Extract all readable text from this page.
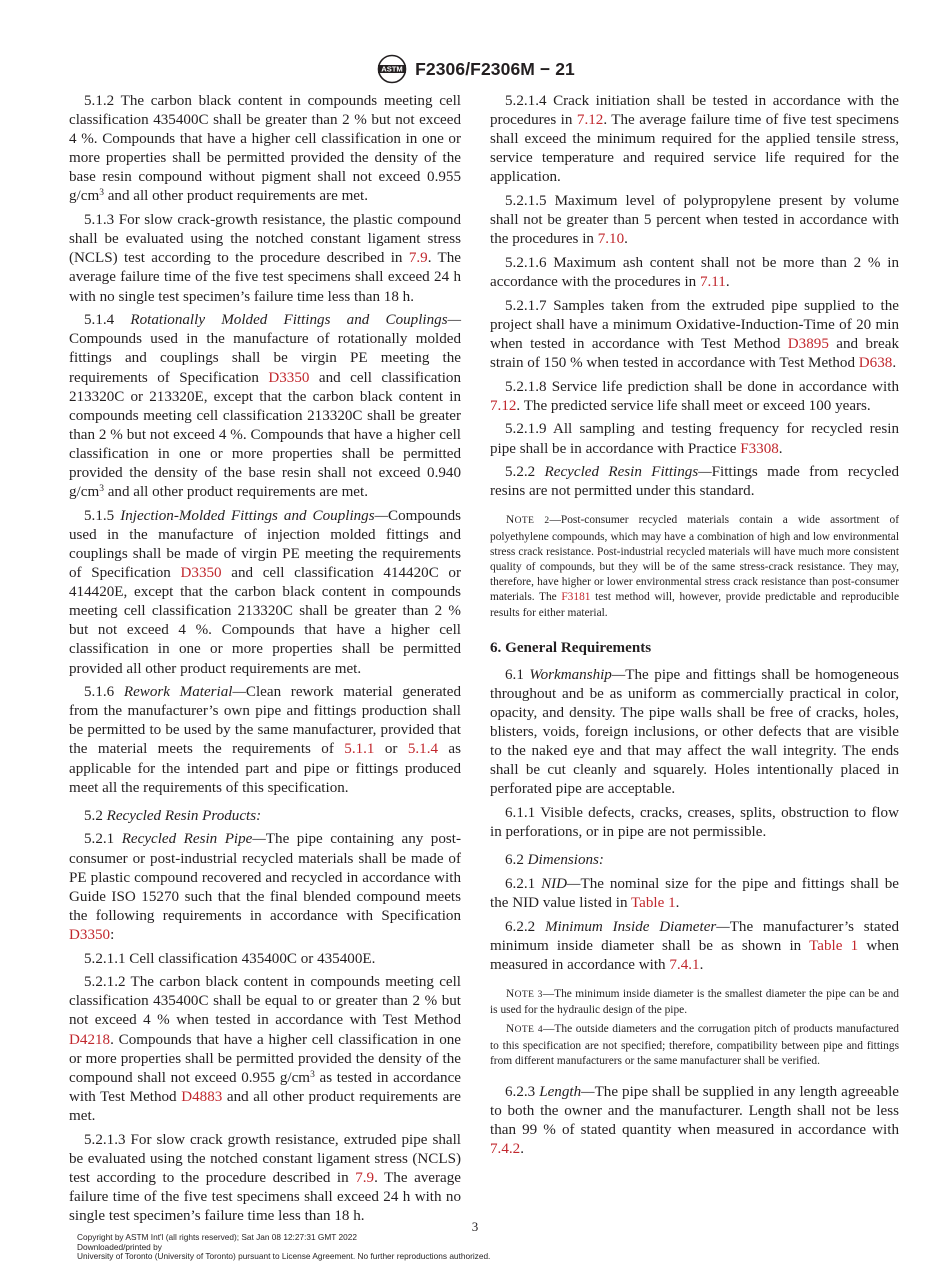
ASTM F2306/F2306M − 21
5.1.2 The carbon black content in compounds meeting cell classification 435400C shall be greater than 2 % but not exceed 4 %. Compounds that have a higher cell classification in one or more properties shall be permitted provided the density of the base resin compound without pigment shall not exceed 0.955 $g/cm^3$ and all other product requirements are met.
5.1.3 For slow crack-growth resistance, the plastic compound shall be evaluated using the notched constant ligament stress (NCLS) test according to the procedure described in 7.9. The average failure time of the five test specimens shall exceed 24 h with no single test specimen’s failure time less than 18 h.
5.1.4 Rotationally Molded Fittings and Couplings—Compounds used in the manufacture of rotationally molded fittings and couplings shall be virgin PE meeting the requirements of Specification D3350 and cell classification 213320C or 213320E, except that the carbon black content in compounds meeting cell classification 213320C shall be greater than 2 % but not exceed 4 %. Compounds that have a higher cell classification in one or more properties shall be permitted provided the density of the base resin shall not exceed 0.940 $g/cm^3$ and all other product requirements are met.
5.1.5 Injection-Molded Fittings and Couplings—Compounds used in the manufacture of injection molded fittings and couplings shall be made of virgin PE meeting the requirements of Specification D3350 and cell classification 414420C or 414420E, except that the carbon black content in compounds meeting cell classification 213320C shall be greater than 2 % but not exceed 4 %. Compounds that have a higher cell classification in one or more properties shall be permitted provided all other product requirements are met.
5.1.6 Rework Material—Clean rework material generated from the manufacturer’s own pipe and fittings production shall be permitted to be used by the same manufacturer, provided that the material meets the requirements of 5.1.1 or 5.1.4 as applicable for the intended part and pipe or fittings produced meet all the requirements of this specification.
5.2 Recycled Resin Products:
5.2.1 Recycled Resin Pipe—The pipe containing any post-consumer or post-industrial recycled materials shall be made of PE plastic compound recovered and recycled in accordance with Guide ISO 15270 such that the final blended compound meets the following requirements in accordance with Specification D3350:
5.2.1.1 Cell classification 435400C or 435400E.
5.2.1.2 The carbon black content in compounds meeting cell classification 435400C shall be equal to or greater than 2 % but not exceed 4 % when tested in accordance with Test Method D4218. Compounds that have a higher cell classification in one or more properties shall be permitted provided the density of the compound shall not exceed 0.955 $g/cm^3$ as tested in accordance with Test Method D4883 and all other product requirements are met.
5.2.1.3 For slow crack growth resistance, extruded pipe shall be evaluated using the notched constant ligament stress (NCLS) test according to the procedure described in 7.9. The average failure time of the five test specimens shall exceed 24 h with no single test specimen’s failure time less than 18 h.
5.2.1.4 Crack initiation shall be tested in accordance with the procedures in 7.12. The average failure time of five test specimens shall exceed the minimum required for the applied tensile stress, service temperature and required service life required for the application.
5.2.1.5 Maximum level of polypropylene present by volume shall not be greater than 5 percent when tested in accordance with the procedures in 7.10.
5.2.1.6 Maximum ash content shall not be more than 2 % in accordance with the procedures in 7.11.
5.2.1.7 Samples taken from the extruded pipe supplied to the project shall have a minimum Oxidative-Induction-Time of 20 min when tested in accordance with Test Method D3895 and break strain of 150 % when tested in accordance with Test Method D638.
5.2.1.8 Service life prediction shall be done in accordance with 7.12. The predicted service life shall meet or exceed 100 years.
5.2.1.9 All sampling and testing frequency for recycled resin pipe shall be in accordance with Practice F3308.
5.2.2 Recycled Resin Fittings—Fittings made from recycled resins are not permitted under this standard.
NOTE 2—Post-consumer recycled materials contain a wide assortment of polyethylene compounds, which may have a combination of high and low environmental stress crack resistance. Post-industrial recycled materials will have much more consistent quality of compounds, but they will be of the same stress-crack resistance. They may, therefore, have higher or lower environmental stress crack resistance than post-consumer materials. The F3181 test method will, however, provide predictable and reproducible results for either material.
6. General Requirements
6.1 Workmanship—The pipe and fittings shall be homogeneous throughout and be as uniform as commercially practical in color, opacity, and density. The pipe walls shall be free of cracks, holes, blisters, voids, foreign inclusions, or other defects that are visible to the naked eye and that may affect the wall integrity. The ends shall be cut cleanly and squarely. Holes intentionally placed in perforated pipe are acceptable.
6.1.1 Visible defects, cracks, creases, splits, obstruction to flow in perforations, or in pipe are not permissible.
6.2 Dimensions:
6.2.1 NID—The nominal size for the pipe and fittings shall be the NID value listed in Table 1.
6.2.2 Minimum Inside Diameter—The manufacturer’s stated minimum inside diameter shall be as shown in Table 1 when measured in accordance with 7.4.1.
NOTE 3—The minimum inside diameter is the smallest diameter the pipe can be and is used for the hydraulic design of the pipe.
NOTE 4—The outside diameters and the corrugation pitch of products manufactured to this specification are not specified; therefore, compatibility between pipe and fittings from different manufacturers or the same manufacturer shall be verified.
6.2.3 Length—The pipe shall be supplied in any length agreeable to both the owner and the manufacturer. Length shall not be less than 99 % of stated quantity when measured in accordance with 7.4.2.
3
Copyright by ASTM Int'l (all rights reserved); Sat Jan 08 12:27:31 GMT 2022
Downloaded/printed by
University of Toronto (University of Toronto) pursuant to License Agreement. No further reproductions authorized.
